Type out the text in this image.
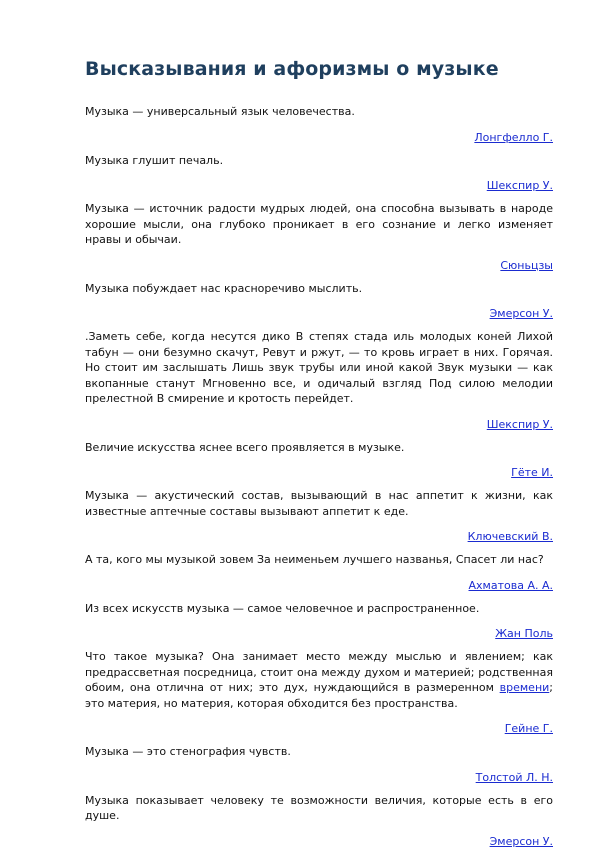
Высказывания и афоризмы о музыке

Музыка — универсальный язык человечества.

Лонгфелло Г.

Музыка глушит печаль.

Шекспир У.

Музыка — источник радости мудрых людей, она способна вызывать в народе хорошие мысли, она глубоко проникает в его сознание и легко изменяет нравы и обычаи.

Сюньцзы

Музыка побуждает нас красноречиво мыслить.

Эмерсон У.

.Заметь себе, когда несутся дико В степях стада иль молодых коней Лихой табун — они безумно скачут, Ревут и ржут, — то кровь играет в них. Горячая. Но стоит им заслышать Лишь звук трубы или иной какой Звук музыки — как вкопанные станут Мгновенно все, и одичалый взгляд Под силою мелодии прелестной В смирение и кротость перейдет.

Шекспир У.

Величие искусства яснее всего проявляется в музыке.

Гёте И.

Музыка — акустический состав, вызывающий в нас аппетит к жизни, как известные аптечные составы вызывают аппетит к еде.

Ключевский В.

А та, кого мы музыкой зовем За неименьем лучшего названья, Спасет ли нас?

Ахматова А. А.

Из всех искусств музыка — самое человечное и распространенное.

Жан Поль

Что такое музыка? Она занимает место между мыслью и явлением; как предрассветная посредница, стоит она между духом и материей; родственная обоим, она отлична от них; это дух, нуждающийся в размеренном времени; это материя, но материя, которая обходится без пространства.

Гейне Г.

Музыка — это стенография чувств.

Толстой Л. Н.

Музыка показывает человеку те возможности величия, которые есть в его душе.

Эмерсон У.
